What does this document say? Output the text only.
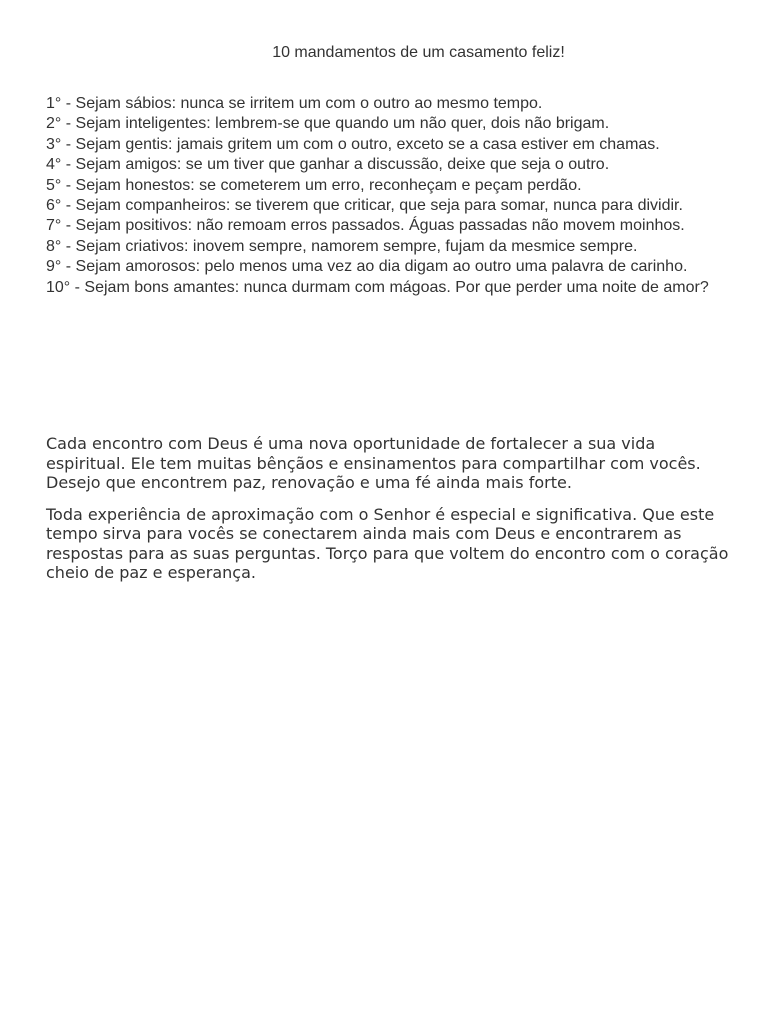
10 mandamentos de um casamento feliz!
1° - Sejam sábios: nunca se irritem um com o outro ao mesmo tempo.
2° - Sejam inteligentes: lembrem-se que quando um não quer, dois não brigam.
3° - Sejam gentis: jamais gritem um com o outro, exceto se a casa estiver em chamas.
4° - Sejam amigos: se um tiver que ganhar a discussão, deixe que seja o outro.
5° - Sejam honestos: se cometerem um erro, reconheçam e peçam perdão.
6° - Sejam companheiros: se tiverem que criticar, que seja para somar, nunca para dividir.
7° - Sejam positivos: não remoam erros passados. Águas passadas não movem moinhos.
8° - Sejam criativos: inovem sempre, namorem sempre, fujam da mesmice sempre.
9° - Sejam amorosos: pelo menos uma vez ao dia digam ao outro uma palavra de carinho.
10° - Sejam bons amantes: nunca durmam com mágoas. Por que perder uma noite de amor?

Cada encontro com Deus é uma nova oportunidade de fortalecer a sua vida espiritual. Ele tem muitas bênçãos e ensinamentos para compartilhar com vocês. Desejo que encontrem paz, renovação e uma fé ainda mais forte.

Toda experiência de aproximação com o Senhor é especial e significativa. Que este tempo sirva para vocês se conectarem ainda mais com Deus e encontrarem as respostas para as suas perguntas. Torço para que voltem do encontro com o coração cheio de paz e esperança.
